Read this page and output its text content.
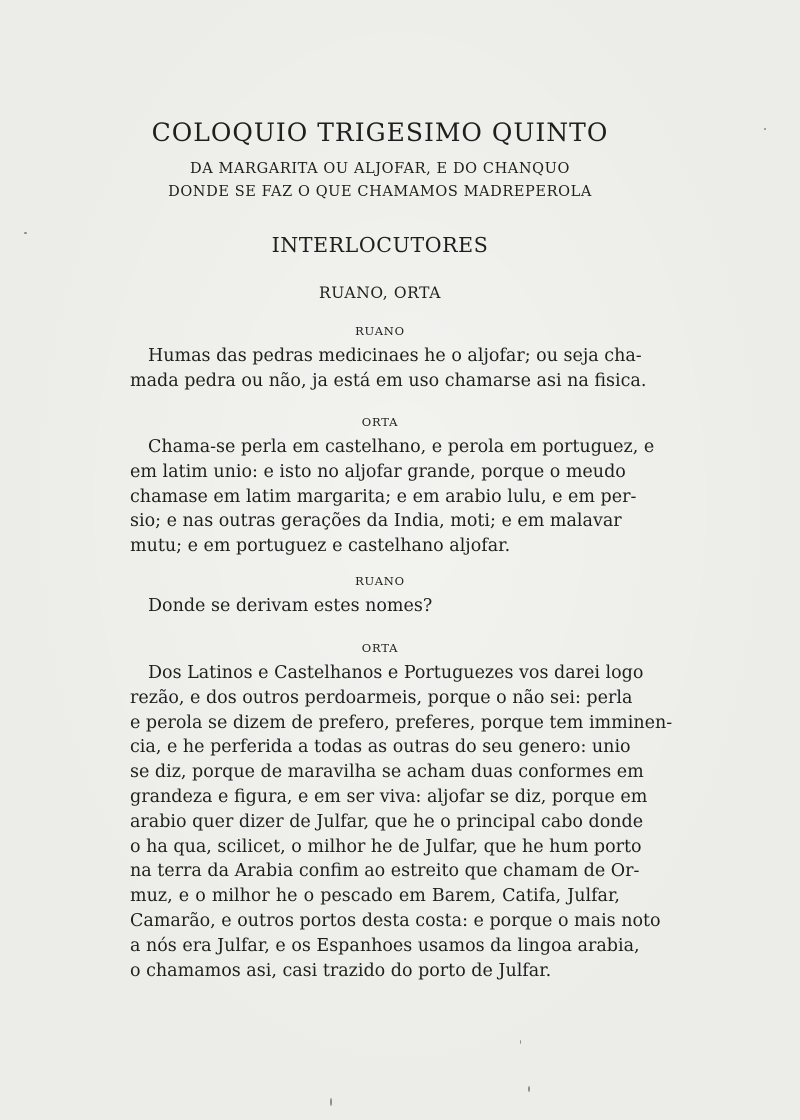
COLOQUIO TRIGESIMO QUINTO
DA MARGARITA OU ALJOFAR, E DO CHANQUO
DONDE SE FAZ O QUE CHAMAMOS MADREPEROLA
INTERLOCUTORES
RUANO, ORTA
RUANO
Humas das pedras medicinaes he o aljofar; ou seja cha-
mada pedra ou não, ja está em uso chamarse asi na fisica.
ORTA
Chama-se perla em castelhano, e perola em portuguez, e
em latim unio: e isto no aljofar grande, porque o meudo
chamase em latim margarita; e em arabio lulu, e em per-
sio; e nas outras gerações da India, moti; e em malavar
mutu; e em portuguez e castelhano aljofar.
RUANO
Donde se derivam estes nomes?
ORTA
Dos Latinos e Castelhanos e Portuguezes vos darei logo
rezão, e dos outros perdoarmeis, porque o não sei: perla
e perola se dizem de prefero, preferes, porque tem imminen-
cia, e he perferida a todas as outras do seu genero: unio
se diz, porque de maravilha se acham duas conformes em
grandeza e figura, e em ser viva: aljofar se diz, porque em
arabio quer dizer de Julfar, que he o principal cabo donde
o ha qua, scilicet, o milhor he de Julfar, que he hum porto
na terra da Arabia confim ao estreito que chamam de Or-
muz, e o milhor he o pescado em Barem, Catifa, Julfar,
Camarão, e outros portos desta costa: e porque o mais noto
a nós era Julfar, e os Espanhoes usamos da lingoa arabia,
o chamamos asi, casi trazido do porto de Julfar.
